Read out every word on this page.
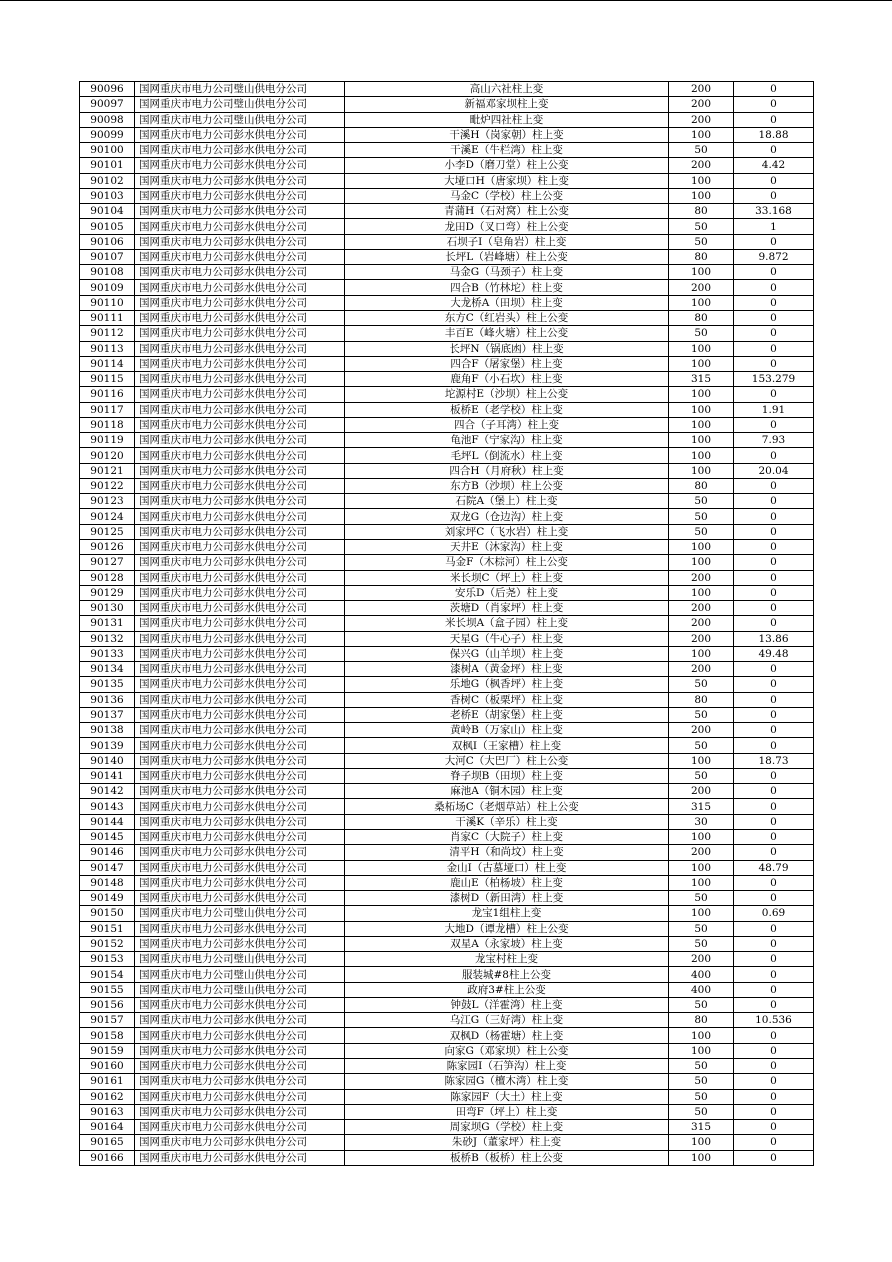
90096	国网重庆市电力公司璧山供电分公司	高山六社柱上变	200	0
90097	国网重庆市电力公司璧山供电分公司	新福邓家坝柱上变	200	0
90098	国网重庆市电力公司璧山供电分公司	毗炉四社柱上变	200	0
90099	国网重庆市电力公司彭水供电分公司	干溪H（岗家朝）柱上变	100	18.88
90100	国网重庆市电力公司彭水供电分公司	干溪E（牛栏湾）柱上变	50	0
90101	国网重庆市电力公司彭水供电分公司	小李D（磨刀堂）柱上公变	200	4.42
90102	国网重庆市电力公司彭水供电分公司	大垭口H（唐家坝）柱上变	100	0
90103	国网重庆市电力公司彭水供电分公司	马金C（学校）柱上公变	100	0
90104	国网重庆市电力公司彭水供电分公司	青蒲H（石对窝）柱上公变	80	33.168
90105	国网重庆市电力公司彭水供电分公司	龙田D（叉口弯）柱上公变	50	1
90106	国网重庆市电力公司彭水供电分公司	石坝子I（皂角岩）柱上变	50	0
90107	国网重庆市电力公司彭水供电分公司	长坪L（岩峰塘）柱上公变	80	9.872
90108	国网重庆市电力公司彭水供电分公司	马金G（马颈子）柱上变	100	0
90109	国网重庆市电力公司彭水供电分公司	四合B（竹林坨）柱上变	200	0
90110	国网重庆市电力公司彭水供电分公司	大龙桥A（田坝）柱上变	100	0
90111	国网重庆市电力公司彭水供电分公司	东方C（红岩头）柱上公变	80	0
90112	国网重庆市电力公司彭水供电分公司	丰百E（峰火塘）柱上公变	50	0
90113	国网重庆市电力公司彭水供电分公司	长坪N（锅底凼）柱上变	100	0
90114	国网重庆市电力公司彭水供电分公司	四合F（屠家堡）柱上变	100	0
90115	国网重庆市电力公司彭水供电分公司	鹿角F（小石坎）柱上变	315	153.279
90116	国网重庆市电力公司彭水供电分公司	坨源村E（沙坝）柱上公变	100	0
90117	国网重庆市电力公司彭水供电分公司	板桥E（老学校）柱上变	100	1.91
90118	国网重庆市电力公司彭水供电分公司	四合（子耳湾）柱上变	100	0
90119	国网重庆市电力公司彭水供电分公司	龟池F（宁家沟）柱上变	100	7.93
90120	国网重庆市电力公司彭水供电分公司	毛坪L（倒流水）柱上变	100	0
90121	国网重庆市电力公司彭水供电分公司	四合H（月府秋）柱上变	100	20.04
90122	国网重庆市电力公司彭水供电分公司	东方B（沙坝）柱上公变	80	0
90123	国网重庆市电力公司彭水供电分公司	石院A（堡上）柱上变	50	0
90124	国网重庆市电力公司彭水供电分公司	双龙G（仓边沟）柱上变	50	0
90125	国网重庆市电力公司彭水供电分公司	刘家坪C（飞水岩）柱上变	50	0
90126	国网重庆市电力公司彭水供电分公司	天井E（沐家沟）柱上变	100	0
90127	国网重庆市电力公司彭水供电分公司	马金F（木棕河）柱上公变	100	0
90128	国网重庆市电力公司彭水供电分公司	米长坝C（坪上）柱上变	200	0
90129	国网重庆市电力公司彭水供电分公司	安乐D（后尧）柱上变	100	0
90130	国网重庆市电力公司彭水供电分公司	茨塘D（肖家坪）柱上变	200	0
90131	国网重庆市电力公司彭水供电分公司	米长坝A（盒子园）柱上变	200	0
90132	国网重庆市电力公司彭水供电分公司	天星G（牛心子）柱上变	200	13.86
90133	国网重庆市电力公司彭水供电分公司	保兴G（山羊坝）柱上变	100	49.48
90134	国网重庆市电力公司彭水供电分公司	漆树A（黄金坪）柱上变	200	0
90135	国网重庆市电力公司彭水供电分公司	乐地G（枫香坪）柱上变	50	0
90136	国网重庆市电力公司彭水供电分公司	香树C（板栗坪）柱上变	80	0
90137	国网重庆市电力公司彭水供电分公司	老桥E（胡家堡）柱上变	50	0
90138	国网重庆市电力公司彭水供电分公司	黄岭B（万家山）柱上变	200	0
90139	国网重庆市电力公司彭水供电分公司	双枫I（王家槽）柱上变	50	0
90140	国网重庆市电力公司彭水供电分公司	大河C（大巴厂）柱上公变	100	18.73
90141	国网重庆市电力公司彭水供电分公司	脊子坝B（田坝）柱上变	50	0
90142	国网重庆市电力公司彭水供电分公司	麻池A（铜木园）柱上变	200	0
90143	国网重庆市电力公司彭水供电分公司	桑柘场C（老烟草站）柱上公变	315	0
90144	国网重庆市电力公司彭水供电分公司	干溪K（辛乐）柱上变	30	0
90145	国网重庆市电力公司彭水供电分公司	肖家C（大院子）柱上变	100	0
90146	国网重庆市电力公司彭水供电分公司	清平H（和尚坟）柱上变	200	0
90147	国网重庆市电力公司彭水供电分公司	金山I（古墓垭口）柱上变	100	48.79
90148	国网重庆市电力公司彭水供电分公司	鹿山E（柏杨坡）柱上变	100	0
90149	国网重庆市电力公司彭水供电分公司	漆树D（新田湾）柱上变	50	0
90150	国网重庆市电力公司璧山供电分公司	龙宝1组柱上变	100	0.69
90151	国网重庆市电力公司彭水供电分公司	大地D（谭龙槽）柱上公变	50	0
90152	国网重庆市电力公司彭水供电分公司	双星A（永家坡）柱上变	50	0
90153	国网重庆市电力公司璧山供电分公司	龙宝村柱上变	200	0
90154	国网重庆市电力公司璧山供电分公司	服装城#8柱上公变	400	0
90155	国网重庆市电力公司璧山供电分公司	政府3#柱上公变	400	0
90156	国网重庆市电力公司彭水供电分公司	钟鼓L（洋霍湾）柱上变	50	0
90157	国网重庆市电力公司彭水供电分公司	乌江G（三好湾）柱上变	80	10.536
90158	国网重庆市电力公司彭水供电分公司	双枫D（杨霍塘）柱上变	100	0
90159	国网重庆市电力公司彭水供电分公司	向家G（邓家坝）柱上公变	100	0
90160	国网重庆市电力公司彭水供电分公司	陈家园I（石笋沟）柱上变	50	0
90161	国网重庆市电力公司彭水供电分公司	陈家园G（檀木湾）柱上变	50	0
90162	国网重庆市电力公司彭水供电分公司	陈家园F（大土）柱上变	50	0
90163	国网重庆市电力公司彭水供电分公司	田弯F（坪上）柱上变	50	0
90164	国网重庆市电力公司彭水供电分公司	周家坝G（学校）柱上变	315	0
90165	国网重庆市电力公司彭水供电分公司	朱砂J（董家坪）柱上变	100	0
90166	国网重庆市电力公司彭水供电分公司	板桥B（板桥）柱上公变	100	0
